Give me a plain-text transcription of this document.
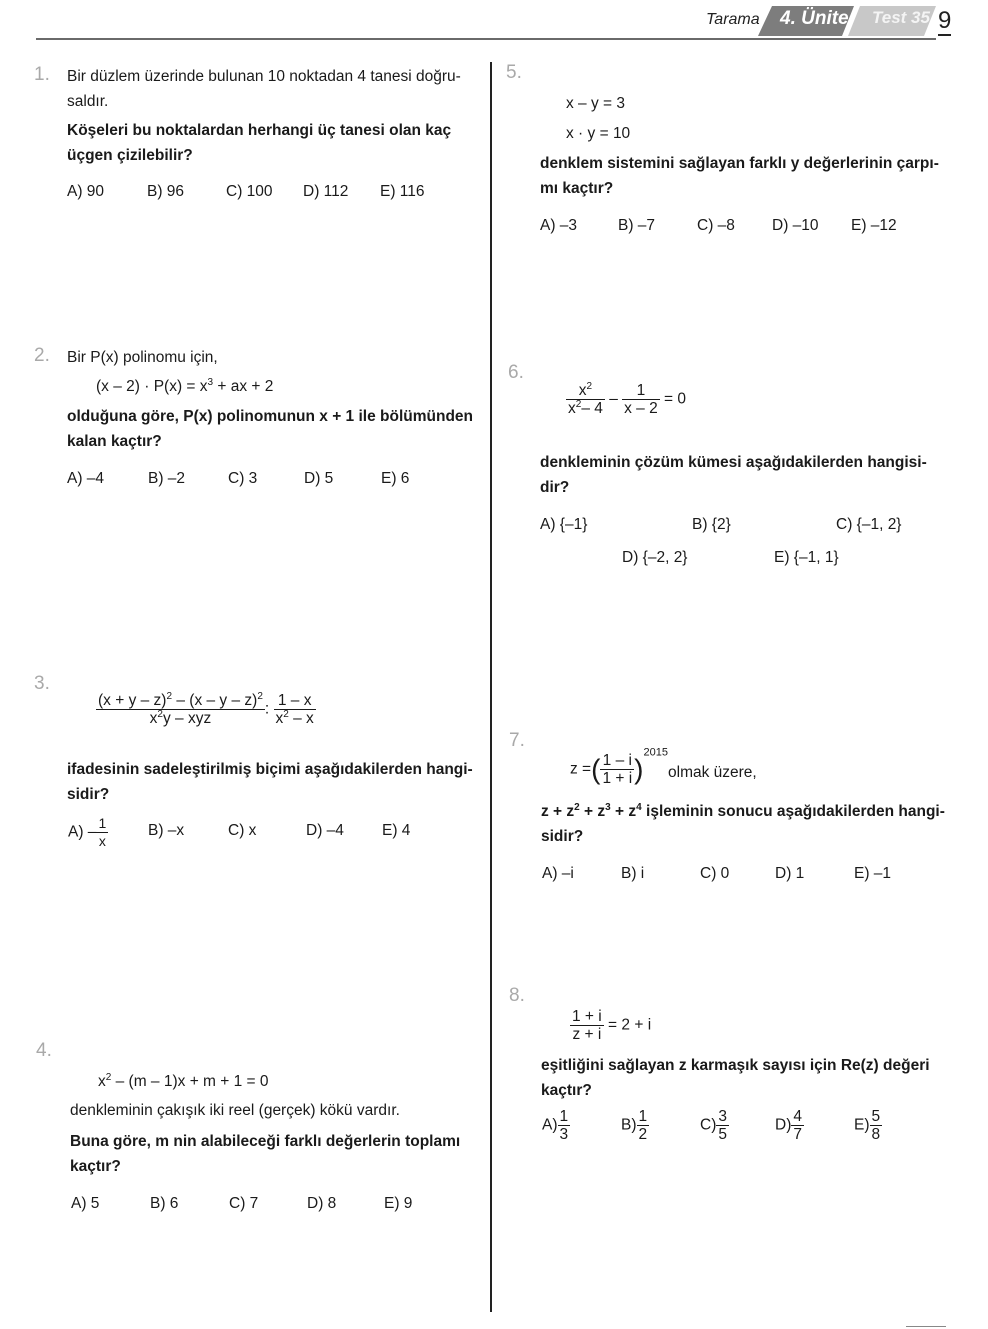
Tarama 4. Ünite Test 35 9
1. Bir düzlem üzerinde bulunan 10 noktadan 4 tanesi doğru-
saldır.
Köşeleri bu noktalardan herhangi üç tanesi olan kaç
üçgen çizilebilir?
A) 90	B) 96	C) 100 D) 112 E) 116
2. Bir P(x) polinomu için,
$(x - 2) \cdot P(x) = x^3$ + ax + 2
olduğuna göre, P(x) polinomunun x + 1 ile bölümünden
kalan kaçtır?
A) –4	B) –2	C) 3	D) 5	E) 6
3.
$\frac{(x + y - z)^2 - (x - y - z)^2}{x^2y - xyz}$ : $\frac{1 - x}{x^2 - x}$
ifadesinin sadeleştirilmiş biçimi aşağıdakilerden hangi-
sidir?
$A) - \frac{1}{x}$	B) –x	C) x	D) –4 E) 4
4.
$x^2 - (m - 1)x + m + 1 = 0$
denkleminin çakışık iki reel (gerçek) kökü vardır.
Buna göre, m nin alabileceği farklı değerlerin toplamı
kaçtır?
A) 5	B) 6	C) 7	D) 8	E) 9
5.
x – y = 3
x · y = 10
denklem sistemini sağlayan farklı y değerlerinin çarpı-
mı kaçtır?
A) –3	B) –7	C) –8 D) –10 E) –12
6.
$\frac{x^2}{x^2- 4} - \frac{1}{x - 2} = 0$
denkleminin çözüm kümesi aşağıdakilerden hangisi-
dir?
A) {–1}	B) {2}	C) {–1, 2}
D) {–2, 2}	E) {–1, 1}
7.
z =( $\frac{1 - i}{1 + i} )^{2015}$
olmak üzere,
$z + z^2 + z^3 + z^4$ işleminin sonucu aşağıdakilerden hangi-
sidir?
A) –i	B) i	C) 0	D) 1	E) –1
8.
$\frac{1 + i}{\overline{z} + i} = 2 + i$
eşitliğini sağlayan z karmaşık sayısı için Re(z) değeri
kaçtır?
$A) \frac{1}{3}$	$B) \frac{1}{2}$	$C) \frac{3}{5}$	$D) \frac{4}{7}$	$E) \frac{5}{8}$
